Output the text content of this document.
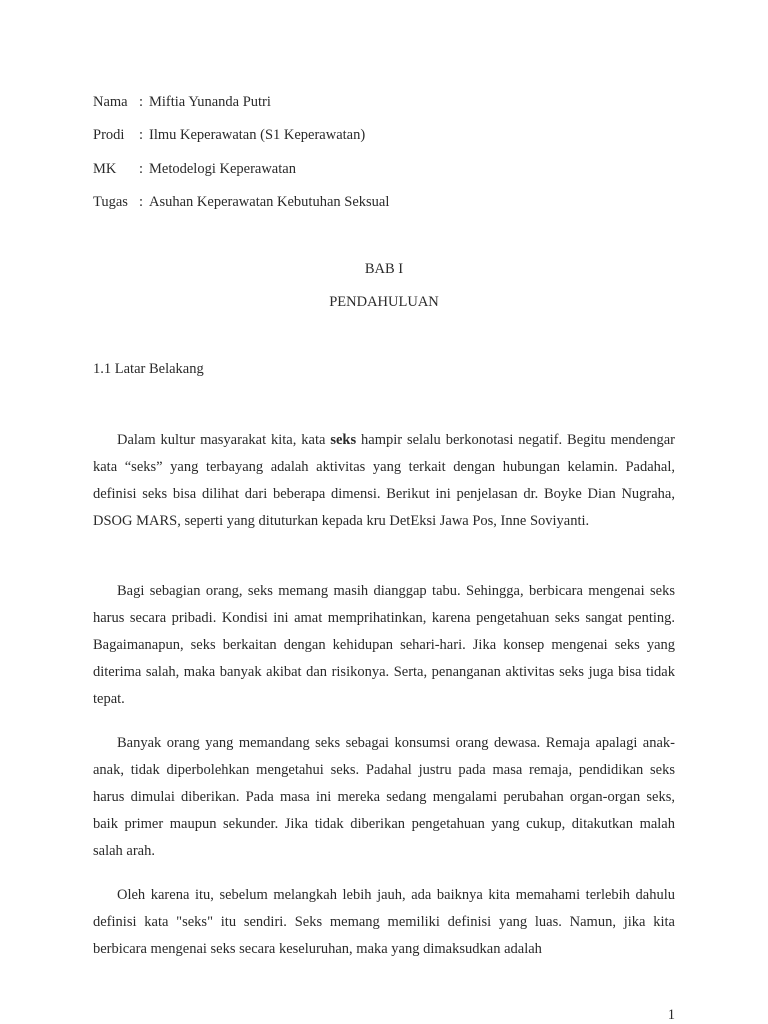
Nama : Miftia Yunanda Putri
Prodi : Ilmu Keperawatan (S1 Keperawatan)
MK : Metodelogi Keperawatan
Tugas : Asuhan Keperawatan Kebutuhan Seksual
BAB I
PENDAHULUAN
1.1 Latar Belakang

Dalam kultur masyarakat kita, kata seks hampir selalu berkonotasi negatif. Begitu mendengar kata “seks” yang terbayang adalah aktivitas yang terkait dengan hubungan kelamin. Padahal, definisi seks bisa dilihat dari beberapa dimensi. Berikut ini penjelasan dr. Boyke Dian Nugraha, DSOG MARS, seperti yang dituturkan kepada kru DetEksi Jawa Pos, Inne Soviyanti.

Bagi sebagian orang, seks memang masih dianggap tabu. Sehingga, berbicara mengenai seks harus secara pribadi. Kondisi ini amat memprihatinkan, karena pengetahuan seks sangat penting. Bagaimanapun, seks berkaitan dengan kehidupan sehari-hari. Jika konsep mengenai seks yang diterima salah, maka banyak akibat dan risikonya. Serta, penanganan aktivitas seks juga bisa tidak tepat.

Banyak orang yang memandang seks sebagai konsumsi orang dewasa. Remaja apalagi anak-anak, tidak diperbolehkan mengetahui seks. Padahal justru pada masa remaja, pendidikan seks harus dimulai diberikan. Pada masa ini mereka sedang mengalami perubahan organ-organ seks, baik primer maupun sekunder. Jika tidak diberikan pengetahuan yang cukup, ditakutkan malah salah arah.

Oleh karena itu, sebelum melangkah lebih jauh, ada baiknya kita memahami terlebih dahulu definisi kata "seks" itu sendiri. Seks memang memiliki definisi yang luas. Namun, jika kita berbicara mengenai seks secara keseluruhan, maka yang dimaksudkan adalah

1
